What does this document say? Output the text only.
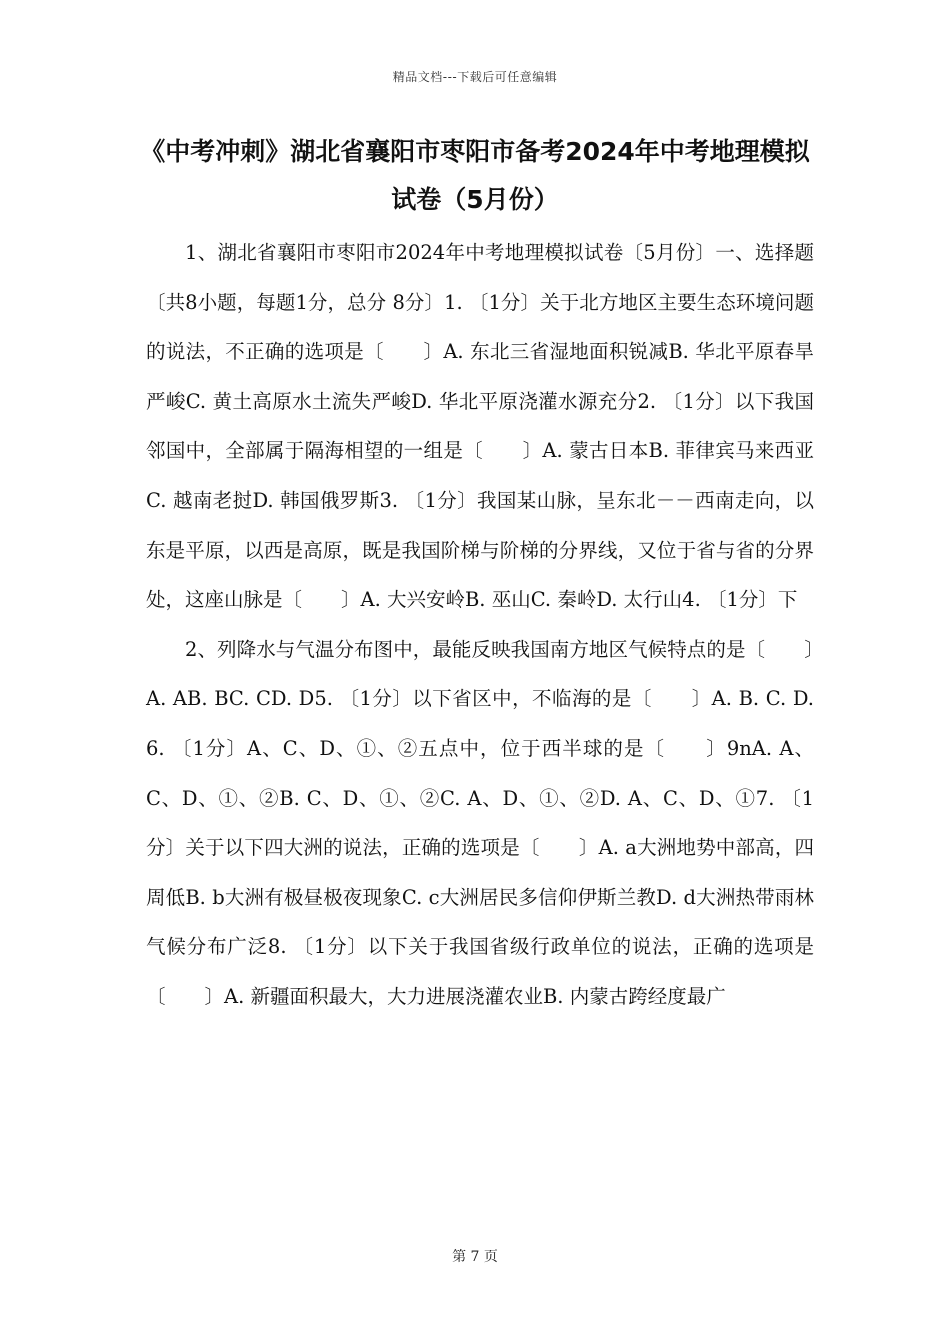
精品文档---下载后可任意编辑
《中考冲刺》湖北省襄阳市枣阳市备考2024年中考地理模拟试卷（5月份）

1、湖北省襄阳市枣阳市2024年中考地理模拟试卷〔5月份〕一、选择题〔共8小题，每题1分，总分 8分〕1. 〔1分〕关于北方地区主要生态环境问题的说法，不正确的选项是〔　　〕A. 东北三省湿地面积锐减B. 华北平原春旱严峻C. 黄土高原水土流失严峻D. 华北平原浇灌水源充分2. 〔1分〕以下我国邻国中，全部属于隔海相望的一组是〔　　〕A. 蒙古日本B. 菲律宾马来西亚C. 越南老挝D. 韩国俄罗斯3. 〔1分〕我国某山脉，呈东北－－西南走向，以东是平原，以西是高原，既是我国阶梯与阶梯的分界线，又位于省与省的分界处，这座山脉是〔　　〕A. 大兴安岭B. 巫山C. 秦岭D. 太行山4. 〔1分〕下

2、列降水与气温分布图中，最能反映我国南方地区气候特点的是〔　　〕A. AB. BC. CD. D5. 〔1分〕以下省区中，不临海的是〔　　〕A. B. C. D. 6. 〔1分〕A、C、D、①、②五点中，位于西半球的是〔　　〕9nA. A、C、D、①、②B. C、D、①、②C. A、D、①、②D. A、C、D、①7. 〔1分〕关于以下四大洲的说法，正确的选项是〔　　〕A. a大洲地势中部高，四周低B. b大洲有极昼极夜现象C. c大洲居民多信仰伊斯兰教D. d大洲热带雨林气候分布广泛8. 〔1分〕以下关于我国省级行政单位的说法，正确的选项是〔　　〕A. 新疆面积最大，大力进展浇灌农业B. 内蒙古跨经度最广

第 7 页
